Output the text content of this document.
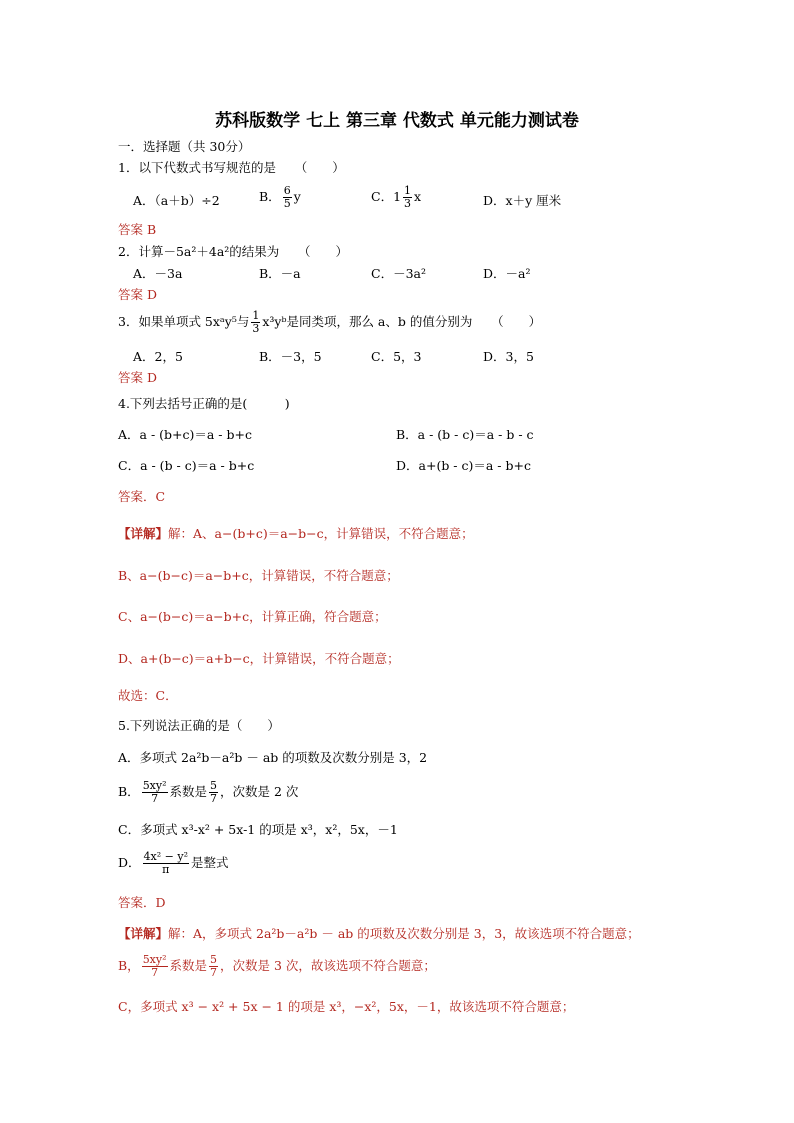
苏科版数学 七上 第三章 代数式 单元能力测试卷
一．选择题（共 30分）
1．以下代数式书写规范的是　　（　　）
A．（a＋b）÷2	B． $\frac{6}{5}$ y	C．$1 \frac{1}{3}$ x	D．x＋y 厘米
答案 B
2．计算－5a²＋4a²的结果为　　（　　）
A．－3a	B．－a	C．－3a²	D．－a²
答案 D
3．如果单项式 5xᵃy⁵与 $\frac{1}{3}$ x³yᵇ是同类项，那么 a、b 的值分别为　　（　　）
A．2，5	B．－3，5	C．5，3	D．3，5
答案 D
4.下列去括号正确的是(　　　)
A．a - (b+c)＝a - b+c	B．a - (b - c)＝a - b - c
C．a - (b - c)＝a - b+c	D．a+(b - c)＝a - b+c
答案．C
【详解】解：A、a−(b+c)＝a−b−c，计算错误，不符合题意；
B、a−(b−c)＝a−b+c，计算错误，不符合题意；
C、a−(b−c)＝a−b+c，计算正确，符合题意；
D、a+(b−c)＝a+b−c，计算错误，不符合题意；
故选：C．
5.下列说法正确的是（　　）
A．多项式 2a²b－a²b － ab 的项数及次数分别是 3，2
B． $\frac{\text{5xy²}}{7}$ 系数是 $\frac{5}{7}$ ，次数是 2 次
C．多项式 x³-x² + 5x-1 的项是 x³，x²，5x，－1
D． $\frac{\text{4x² − y²}}{\pi}$ 是整式
答案．D
【详解】解：A，多项式 2a²b－a²b － ab 的项数及次数分别是 3，3，故该选项不符合题意；
B， $\frac{\text{5xy²}}{7}$ 系数是 $\frac{5}{7}$ ，次数是 3 次，故该选项不符合题意；
C，多项式 x³ − x² + 5x − 1 的项是 x³，−x²，5x，－1，故该选项不符合题意；
